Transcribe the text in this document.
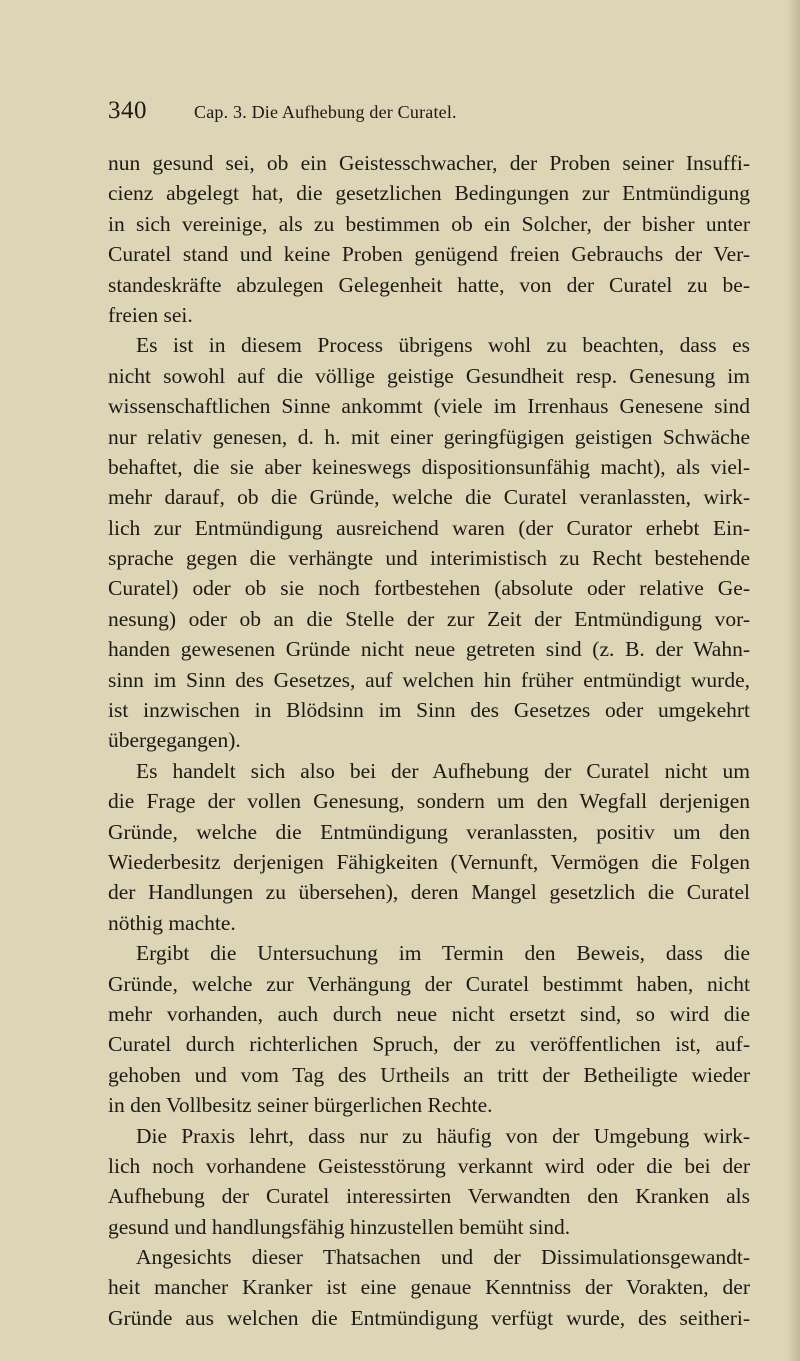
340	Cap. 3. Die Aufhebung der Curatel.
nun gesund sei, ob ein Geistesschwacher, der Proben seiner Insuffi-
cienz abgelegt hat, die gesetzlichen Bedingungen zur Entmündigung
in sich vereinige, als zu bestimmen ob ein Solcher, der bisher unter
Curatel stand und keine Proben genügend freien Gebrauchs der Ver-
standeskräfte abzulegen Gelegenheit hatte, von der Curatel zu be-
freien sei.
Es ist in diesem Process übrigens wohl zu beachten, dass es
nicht sowohl auf die völlige geistige Gesundheit resp. Genesung im
wissenschaftlichen Sinne ankommt (viele im Irrenhaus Genesene sind
nur relativ genesen, d. h. mit einer geringfügigen geistigen Schwäche
behaftet, die sie aber keineswegs dispositionsunfähig macht), als viel-
mehr darauf, ob die Gründe, welche die Curatel veranlassten, wirk-
lich zur Entmündigung ausreichend waren (der Curator erhebt Ein-
sprache gegen die verhängte und interimistisch zu Recht bestehende
Curatel) oder ob sie noch fortbestehen (absolute oder relative Ge-
nesung) oder ob an die Stelle der zur Zeit der Entmündigung vor-
handen gewesenen Gründe nicht neue getreten sind (z. B. der Wahn-
sinn im Sinn des Gesetzes, auf welchen hin früher entmündigt wurde,
ist inzwischen in Blödsinn im Sinn des Gesetzes oder umgekehrt
übergegangen).
Es handelt sich also bei der Aufhebung der Curatel nicht um
die Frage der vollen Genesung, sondern um den Wegfall derjenigen
Gründe, welche die Entmündigung veranlassten, positiv um den
Wiederbesitz derjenigen Fähigkeiten (Vernunft, Vermögen die Folgen
der Handlungen zu übersehen), deren Mangel gesetzlich die Curatel
nöthig machte.
Ergibt die Untersuchung im Termin den Beweis, dass die
Gründe, welche zur Verhängung der Curatel bestimmt haben, nicht
mehr vorhanden, auch durch neue nicht ersetzt sind, so wird die
Curatel durch richterlichen Spruch, der zu veröffentlichen ist, auf-
gehoben und vom Tag des Urtheils an tritt der Betheiligte wieder
in den Vollbesitz seiner bürgerlichen Rechte.
Die Praxis lehrt, dass nur zu häufig von der Umgebung wirk-
lich noch vorhandene Geistesstörung verkannt wird oder die bei der
Aufhebung der Curatel interessirten Verwandten den Kranken als
gesund und handlungsfähig hinzustellen bemüht sind.
Angesichts dieser Thatsachen und der Dissimulationsgewandt-
heit mancher Kranker ist eine genaue Kenntniss der Vorakten, der
Gründe aus welchen die Entmündigung verfügt wurde, des seitheri-
